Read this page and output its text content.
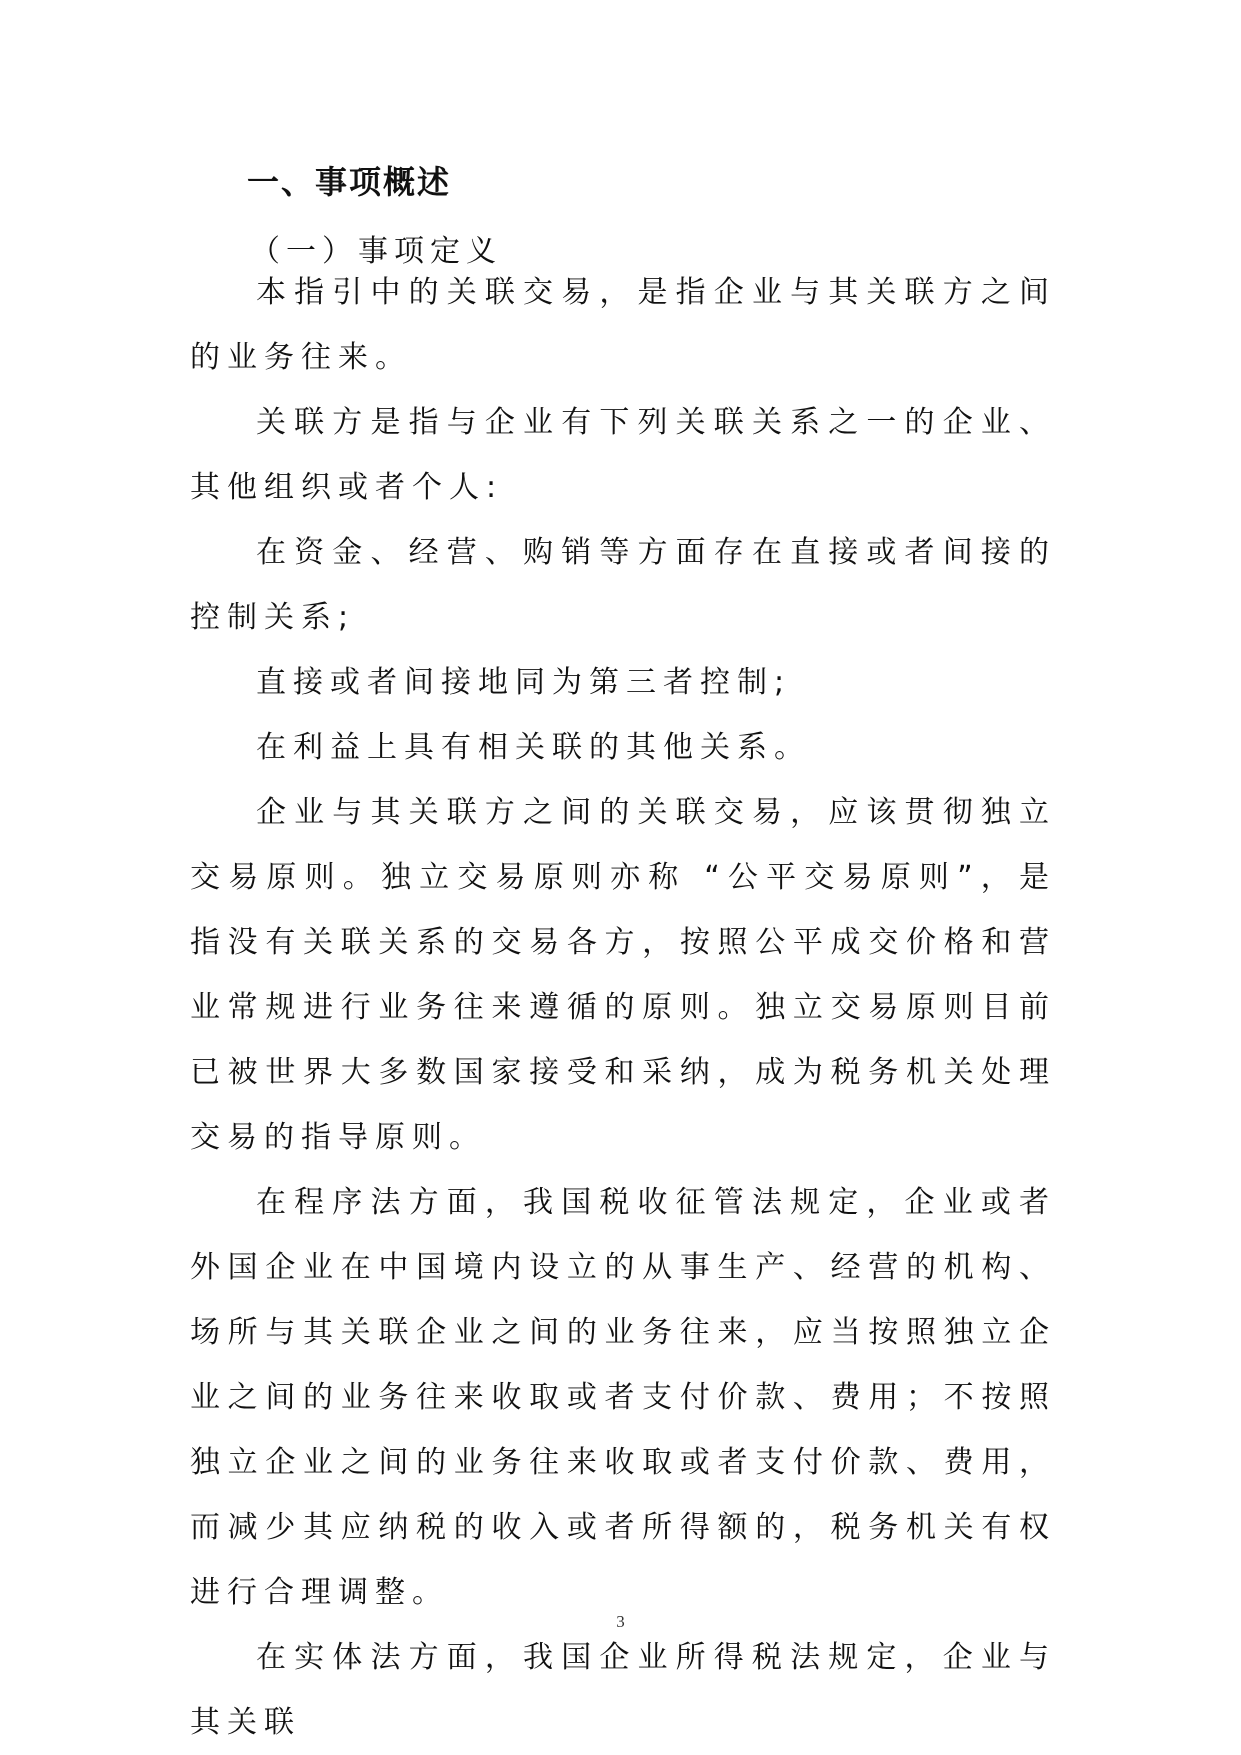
一、事项概述
（一）事项定义

本指引中的关联交易，是指企业与其关联方之间的业务往来。

关联方是指与企业有下列关联关系之一的企业、其他组织或者个人:

在资金、经营、购销等方面存在直接或者间接的控制关系;

直接或者间接地同为第三者控制;

在利益上具有相关联的其他关系。

企业与其关联方之间的关联交易，应该贯彻独立交易原则。独立交易原则亦称 “公平交易原则”，是指没有关联关系的交易各方，按照公平成交价格和营业常规进行业务往来遵循的原则。独立交易原则目前已被世界大多数国家接受和采纳，成为税务机关处理交易的指导原则。

在程序法方面，我国税收征管法规定，企业或者外国企业在中国境内设立的从事生产、经营的机构、场所与其关联企业之间的业务往来，应当按照独立企业之间的业务往来收取或者支付价款、费用；不按照独立企业之间的业务往来收取或者支付价款、费用，而减少其应纳税的收入或者所得额的，税务机关有权进行合理调整。

在实体法方面，我国企业所得税法规定，企业与其关联

3
